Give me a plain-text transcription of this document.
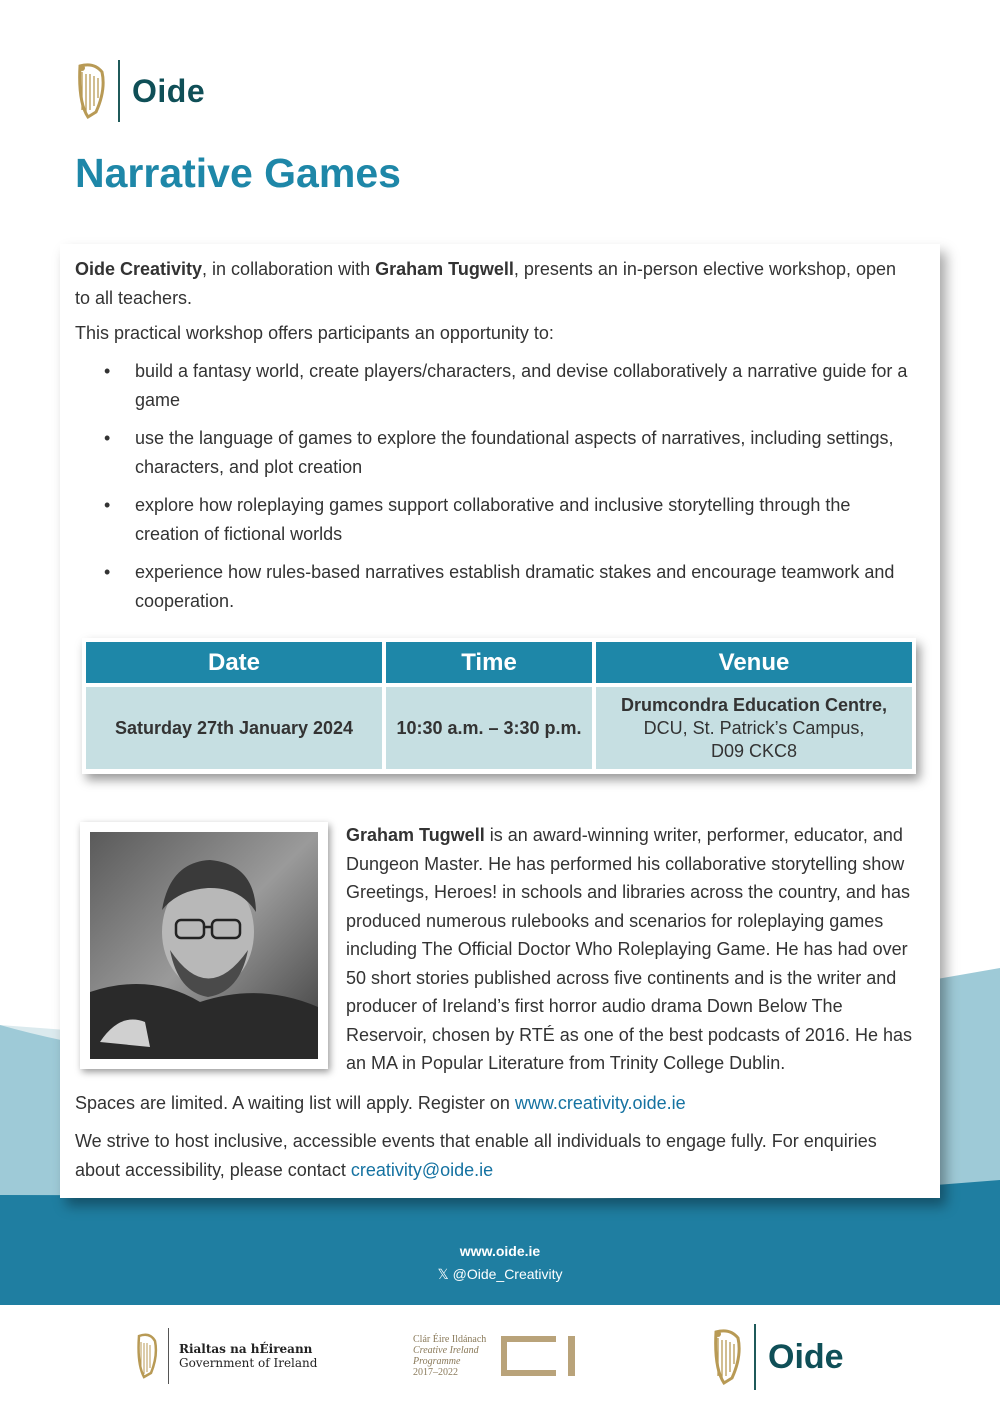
Oide
Narrative Games

Oide Creativity, in collaboration with Graham Tugwell, presents an in-person elective workshop, open to all teachers.

This practical workshop offers participants an opportunity to:

• build a fantasy world, create players/characters, and devise collaboratively a narrative guide for a game
• use the language of games to explore the foundational aspects of narratives, including settings, characters, and plot creation
• explore how roleplaying games support collaborative and inclusive storytelling through the creation of fictional worlds
• experience how rules-based narratives establish dramatic stakes and encourage teamwork and cooperation.
Date	Time	Venue
Saturday 27th January 2024	10:30 a.m. – 3:30 p.m.	Drumcondra Education Centre,
DCU, St. Patrick’s Campus,
D09 CKC8

Graham Tugwell is an award-winning writer, performer, educator, and Dungeon Master. He has performed his collaborative storytelling show Greetings, Heroes! in schools and libraries across the country, and has produced numerous rulebooks and scenarios for roleplaying games including The Official Doctor Who Roleplaying Game. He has had over 50 short stories published across five continents and is the writer and producer of Ireland’s first horror audio drama Down Below The Reservoir, chosen by RTÉ as one of the best podcasts of 2016. He has an MA in Popular Literature from Trinity College Dublin.

Spaces are limited. A waiting list will apply. Register on www.creativity.oide.ie

We strive to host inclusive, accessible events that enable all individuals to engage fully. For enquiries about accessibility, please contact creativity@oide.ie

www.oide.ie
𝕏 @Oide_Creativity
Rialtas na hÉireann
Government of Ireland
Clár Éire Ildánach
Creative Ireland
Programme
2017–2022	Oide
